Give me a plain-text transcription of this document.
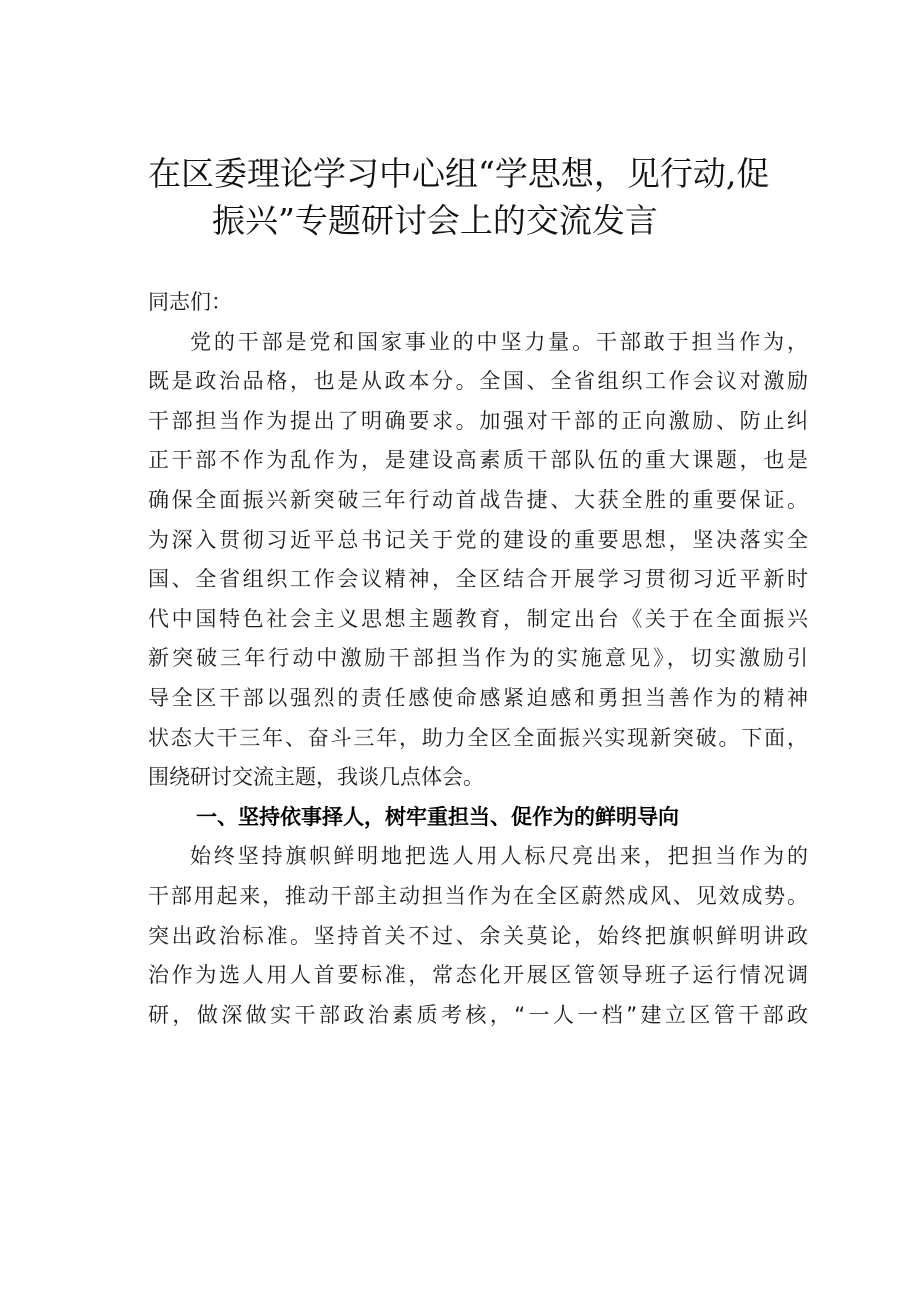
在区委理论学习中心组“学思想，见行动,促
振兴”专题研讨会上的交流发言
同志们：
党的干部是党和国家事业的中坚力量。干部敢于担当作为，
既是政治品格，也是从政本分。全国、全省组织工作会议对激励
干部担当作为提出了明确要求。加强对干部的正向激励、防止纠
正干部不作为乱作为，是建设高素质干部队伍的重大课题，也是
确保全面振兴新突破三年行动首战告捷、大获全胜的重要保证。
为深入贯彻习近平总书记关于党的建设的重要思想，坚决落实全
国、全省组织工作会议精神，全区结合开展学习贯彻习近平新时
代中国特色社会主义思想主题教育，制定出台《关于在全面振兴
新突破三年行动中激励干部担当作为的实施意见》，切实激励引
导全区干部以强烈的责任感使命感紧迫感和勇担当善作为的精神
状态大干三年、奋斗三年，助力全区全面振兴实现新突破。下面，
围绕研讨交流主题，我谈几点体会。
一、坚持依事择人，树牢重担当、促作为的鲜明导向
始终坚持旗帜鲜明地把选人用人标尺亮出来，把担当作为的
干部用起来，推动干部主动担当作为在全区蔚然成风、见效成势。
突出政治标准。坚持首关不过、余关莫论，始终把旗帜鲜明讲政
治作为选人用人首要标准，常态化开展区管领导班子运行情况调
研，做深做实干部政治素质考核，“一人一档”建立区管干部政
